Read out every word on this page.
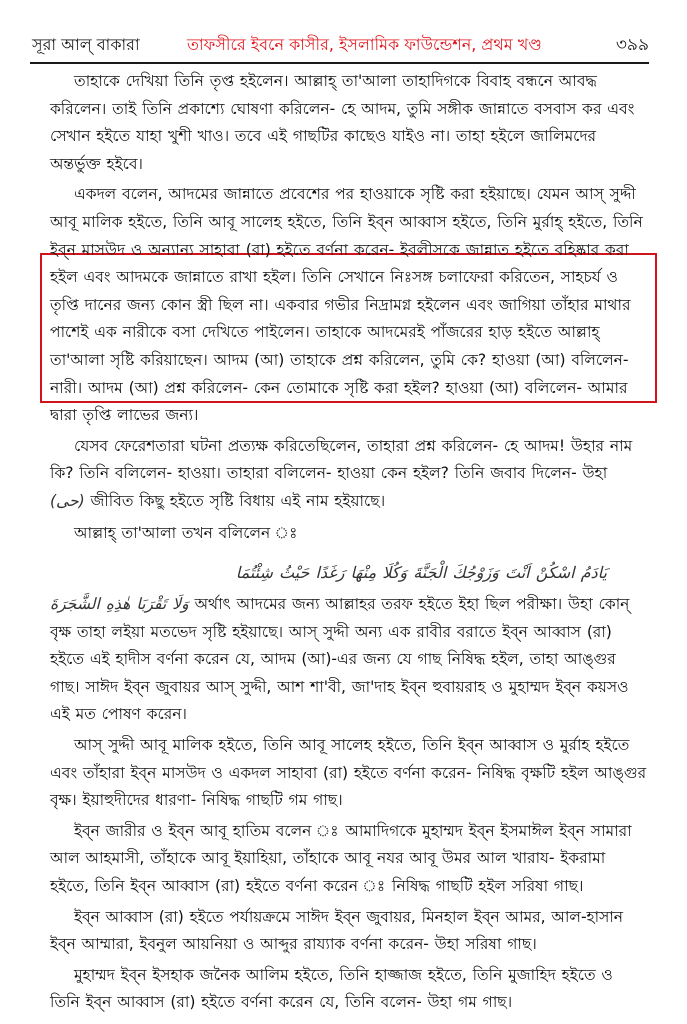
সূরা আল্ বাকারা	তাফসীরে ইবনে কাসীর, ইসলামিক ফাউন্ডেশন, প্রথম খণ্ড	৩৯৯

তাহাকে দেখিয়া তিনি তৃপ্ত হইলেন। আল্লাহ্ তা'আলা তাহাদিগকে বিবাহ বন্ধনে আবদ্ধ করিলেন। তাই তিনি প্রকাশ্যে ঘোষণা করিলেন- হে আদম, তুমি সঙ্গীক জান্নাতে বসবাস কর এবং সেখান হইতে যাহা খুশী খাও। তবে এই গাছটির কাছেও যাইও না। তাহা হইলে জালিমদের অন্তর্ভুক্ত হইবে।

একদল বলেন, আদমের জান্নাতে প্রবেশের পর হাওয়াকে সৃষ্টি করা হইয়াছে। যেমন আস্ সুদ্দী আবূ মালিক হইতে, তিনি আবূ সালেহ হইতে, তিনি ইব্‌ন আব্বাস হইতে, তিনি মুর্রাহ্ হইতে, তিনি ইব্‌ন মাসউদ ও অন্যান্য সাহাবা (রা) হইতে বর্ণনা করেন- ইবলীসকে জান্নাত হইতে বহিষ্কার করা হইল এবং আদমকে জান্নাতে রাখা হইল। তিনি সেখানে নিঃসঙ্গ চলাফেরা করিতেন, সাহচর্য ও তৃপ্তি দানের জন্য কোন স্ত্রী ছিল না। একবার গভীর নিদ্রামগ্ন হইলেন এবং জাগিয়া তাঁহার মাথার পাশেই এক নারীকে বসা দেখিতে পাইলেন। তাহাকে আদমেরই পাঁজরের হাড় হইতে আল্লাহ্ তা'আলা সৃষ্টি করিয়াছেন। আদম (আ) তাহাকে প্রশ্ন করিলেন, তুমি কে? হাওয়া (আ) বলিলেন- নারী। আদম (আ) প্রশ্ন করিলেন- কেন তোমাকে সৃষ্টি করা হইল? হাওয়া (আ) বলিলেন- আমার দ্বারা তৃপ্তি লাভের জন্য।

যেসব ফেরেশতারা ঘটনা প্রত্যক্ষ করিতেছিলেন, তাহারা প্রশ্ন করিলেন- হে আদম! উহার নাম কি? তিনি বলিলেন- হাওয়া। তাহারা বলিলেন- হাওয়া কেন হইল? তিনি জবাব দিলেন- উহা (حى) জীবিত কিছু হইতে সৃষ্টি বিধায় এই নাম হইয়াছে।

আল্লাহ্ তা'আলা তখন বলিলেন ঃ

يَادَمُ اسْكُنْ اَنْتَ وَزَوْجُكَ الْجَنَّةَ وَكُلَا مِنْهَا رَغَدًا حَيْثُ شِئْتُمَا

وَلَا تَقْرَبَا هٰذِهِ الشَّجَرَةَ অর্থাৎ আদমের জন্য আল্লাহর তরফ হইতে ইহা ছিল পরীক্ষা। উহা কোন্ বৃক্ষ তাহা লইয়া মতভেদ সৃষ্টি হইয়াছে। আস্ সুদ্দী অন্য এক রাবীর বরাতে ইব্‌ন আব্বাস (রা) হইতে এই হাদীস বর্ণনা করেন যে, আদম (আ)-এর জন্য যে গাছ নিষিদ্ধ হইল, তাহা আঙ্গুর গাছ। সাঈদ ইব্‌ন জুবায়র আস্ সুদ্দী, আশ শা'বী, জা'দাহ ইব্‌ন হুবায়রাহ ও মুহাম্মদ ইব্‌ন কয়সও এই মত পোষণ করেন।

আস্ সুদ্দী আবূ মালিক হইতে, তিনি আবূ সালেহ হইতে, তিনি ইব্‌ন আব্বাস ও মুর্রাহ হইতে এবং তাঁহারা ইব্‌ন মাসউদ ও একদল সাহাবা (রা) হইতে বর্ণনা করেন- নিষিদ্ধ বৃক্ষটি হইল আঙ্গুর বৃক্ষ। ইয়াহুদীদের ধারণা- নিষিদ্ধ গাছটি গম গাছ।

ইব্‌ন জারীর ও ইব্‌ন আবূ হাতিম বলেন ঃ আমাদিগকে মুহাম্মদ ইব্‌ন ইসমাঈল ইব্‌ন সামারা আল আহমাসী, তাঁহাকে আবূ ইয়াহিয়া, তাঁহাকে আবূ নযর আবূ উমর আল খারায- ইকরামা হইতে, তিনি ইব্‌ন আব্বাস (রা) হইতে বর্ণনা করেন ঃ নিষিদ্ধ গাছটি হইল সরিষা গাছ।

ইব্‌ন আব্বাস (রা) হইতে পর্যায়ক্রমে সাঈদ ইব্‌ন জুবায়র, মিনহাল ইব্‌ন আমর, আল-হাসান ইব্‌ন আম্মারা, ইবনুল আয়নিয়া ও আব্দুর রায্যাক বর্ণনা করেন- উহা সরিষা গাছ।

মুহাম্মদ ইব্‌ন ইসহাক জনৈক আলিম হইতে, তিনি হাজ্জাজ হইতে, তিনি মুজাহিদ হইতে ও তিনি ইব্‌ন আব্বাস (রা) হইতে বর্ণনা করেন যে, তিনি বলেন- উহা গম গাছ।
